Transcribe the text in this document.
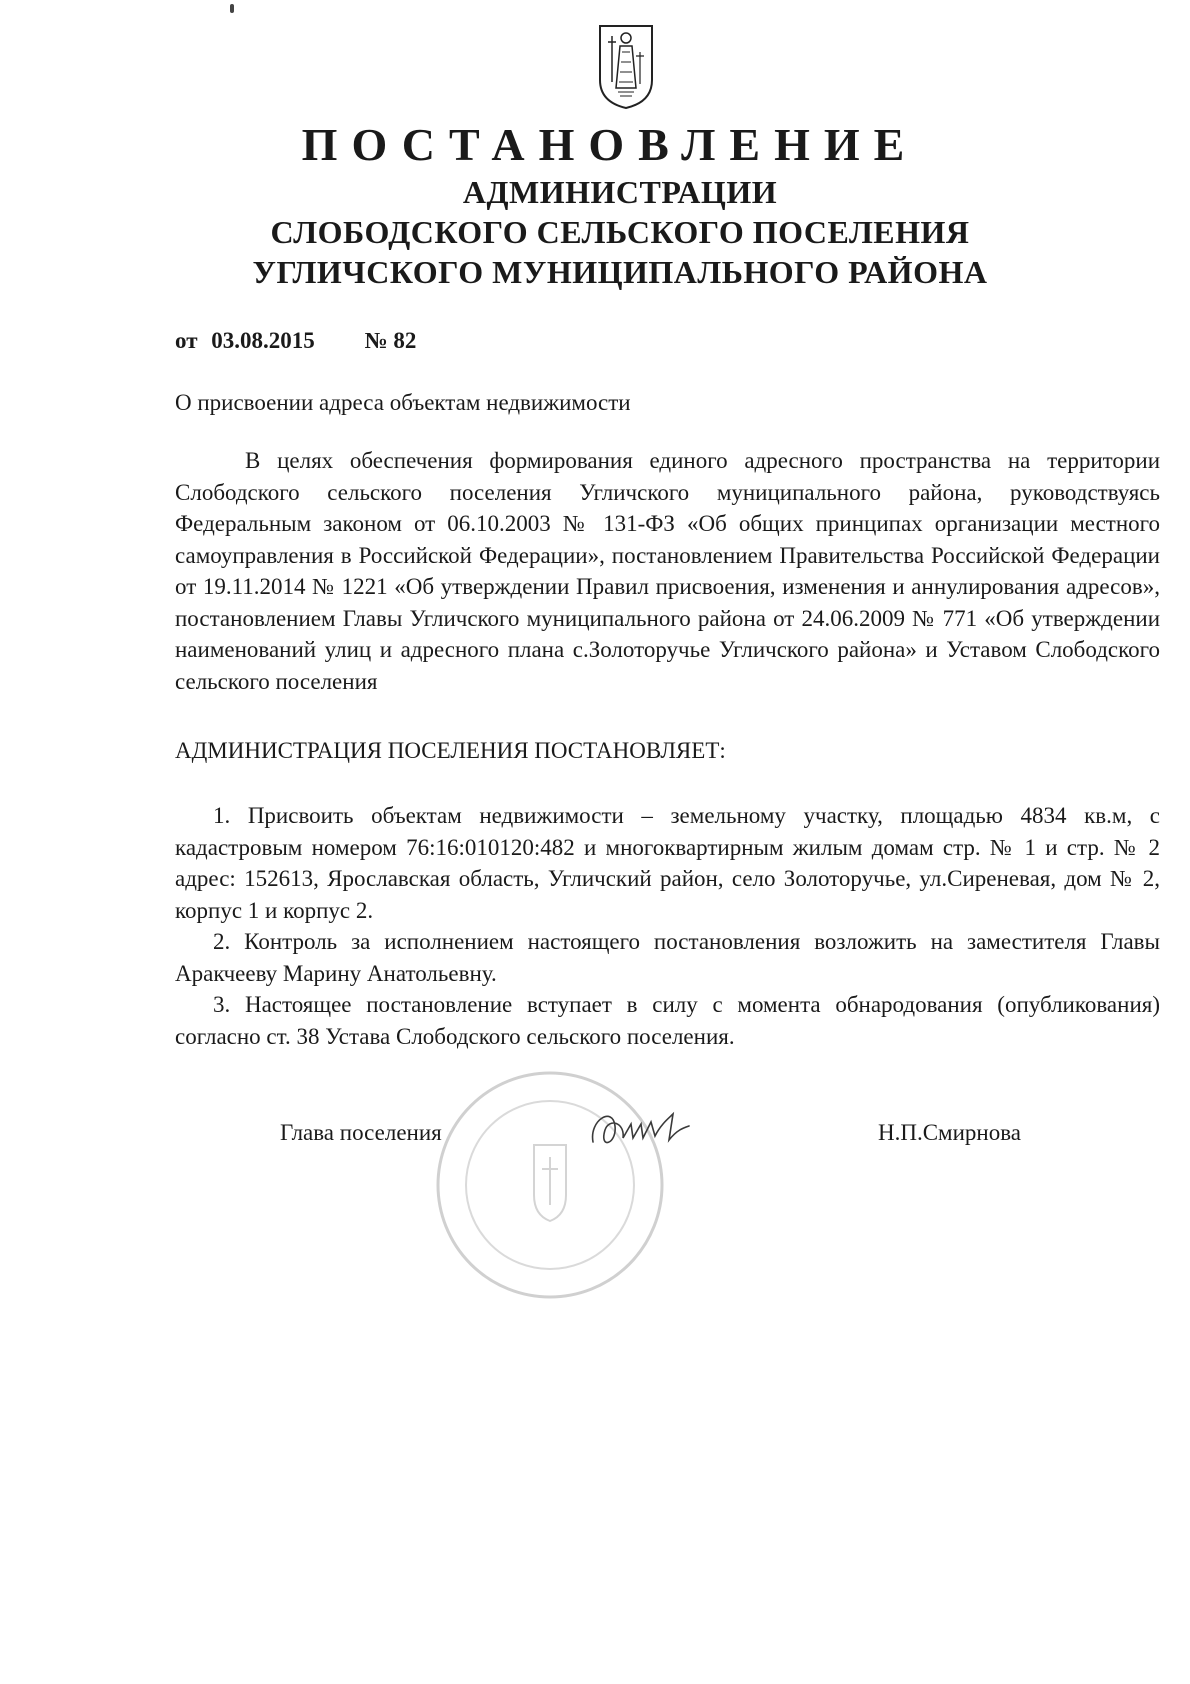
ПОСТАНОВЛЕНИЕ
АДМИНИСТРАЦИИ
СЛОБОДСКОГО СЕЛЬСКОГО ПОСЕЛЕНИЯ
УГЛИЧСКОГО МУНИЦИПАЛЬНОГО РАЙОНА
от 03.08.2015 № 82
О присвоении адреса объектам недвижимости

В целях обеспечения формирования единого адресного пространства на территории Слободского сельского поселения Угличского муниципального района, руководствуясь Федеральным законом от 06.10.2003 № 131-ФЗ «Об общих принципах организации местного самоуправления в Российской Федерации», постановлением Правительства Российской Федерации от 19.11.2014 № 1221 «Об утверждении Правил присвоения, изменения и аннулирования адресов», постановлением Главы Угличского муниципального района от 24.06.2009 № 771 «Об утверждении наименований улиц и адресного плана с.Золоторучье Угличского района» и Уставом Слободского сельского поселения

АДМИНИСТРАЦИЯ ПОСЕЛЕНИЯ ПОСТАНОВЛЯЕТ:
1. Присвоить объектам недвижимости – земельному участку, площадью 4834 кв.м, с кадастровым номером 76:16:010120:482 и многоквартирным жилым домам стр. № 1 и стр. № 2 адрес: 152613, Ярославская область, Угличский район, село Золоторучье, ул.Сиреневая, дом № 2, корпус 1 и корпус 2.
2. Контроль за исполнением настоящего постановления возложить на заместителя Главы Аракчееву Марину Анатольевну.
3. Настоящее постановление вступает в силу с момента обнародования (опубликования) согласно ст. 38 Устава Слободского сельского поселения.
Глава поселения	Н.П.Смирнова
